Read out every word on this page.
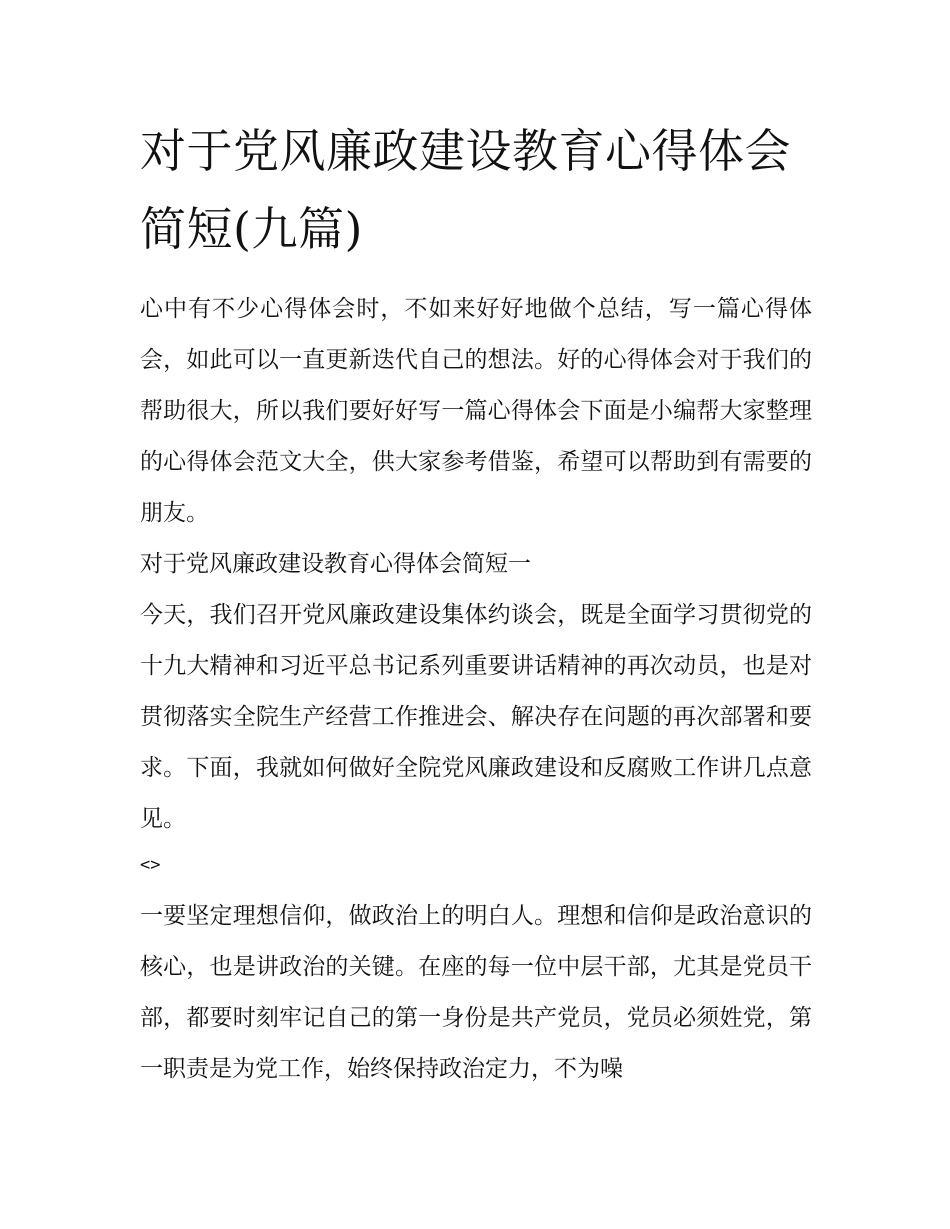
对于党风廉政建设教育心得体会简短(九篇)

心中有不少心得体会时，不如来好好地做个总结，写一篇心得体会，如此可以一直更新迭代自己的想法。好的心得体会对于我们的帮助很大，所以我们要好好写一篇心得体会下面是小编帮大家整理的心得体会范文大全，供大家参考借鉴，希望可以帮助到有需要的朋友。

对于党风廉政建设教育心得体会简短一

今天，我们召开党风廉政建设集体约谈会，既是全面学习贯彻党的十九大精神和习近平总书记系列重要讲话精神的再次动员，也是对贯彻落实全院生产经营工作推进会、解决存在问题的再次部署和要求。下面，我就如何做好全院党风廉政建设和反腐败工作讲几点意见。

<>

一要坚定理想信仰，做政治上的明白人。理想和信仰是政治意识的核心，也是讲政治的关键。在座的每一位中层干部，尤其是党员干部，都要时刻牢记自己的第一身份是共产党员，党员必须姓党，第一职责是为党工作，始终保持政治定力，不为噪
